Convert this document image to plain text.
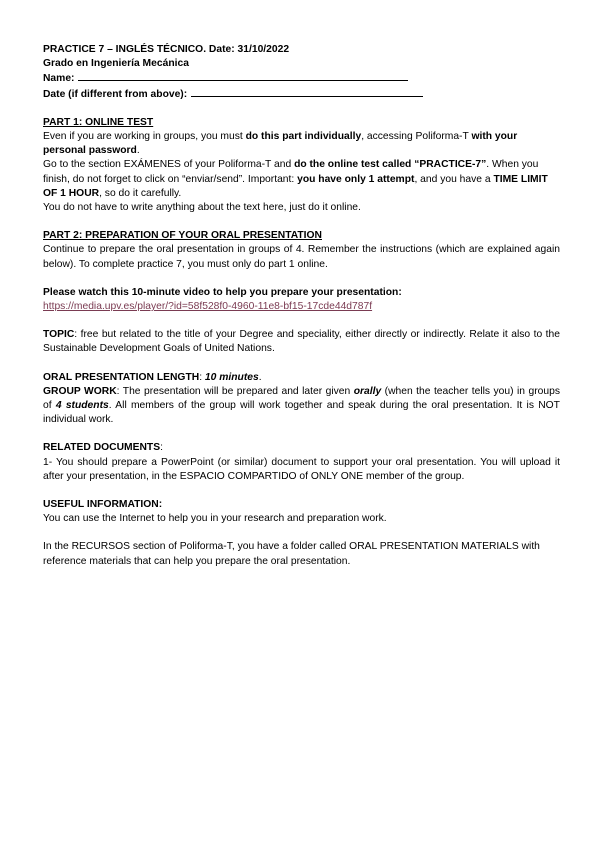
PRACTICE 7 – INGLÉS TÉCNICO. Date: 31/10/2022

Grado en Ingeniería Mecánica

Name:

Date (if different from above):

PART 1: ONLINE TEST

Even if you are working in groups, you must do this part individually, accessing Poliforma-T with your personal password.

Go to the section EXÁMENES of your Poliforma-T and do the online test called “PRACTICE-7”. When you finish, do not forget to click on “enviar/send”. Important: you have only 1 attempt, and you have a TIME LIMIT OF 1 HOUR, so do it carefully.

You do not have to write anything about the text here, just do it online.

PART 2: PREPARATION OF YOUR ORAL PRESENTATION

Continue to prepare the oral presentation in groups of 4. Remember the instructions (which are explained again below). To complete practice 7, you must only do part 1 online.

Please watch this 10-minute video to help you prepare your presentation:

https://media.upv.es/player/?id=58f528f0-4960-11e8-bf15-17cde44d787f

TOPIC: free but related to the title of your Degree and speciality, either directly or indirectly. Relate it also to the Sustainable Development Goals of United Nations.

ORAL PRESENTATION LENGTH: 10 minutes.

GROUP WORK: The presentation will be prepared and later given orally (when the teacher tells you) in groups of 4 students. All members of the group will work together and speak during the oral presentation. It is NOT individual work.

RELATED DOCUMENTS:

1- You should prepare a PowerPoint (or similar) document to support your oral presentation. You will upload it after your presentation, in the ESPACIO COMPARTIDO of ONLY ONE member of the group.

USEFUL INFORMATION:

You can use the Internet to help you in your research and preparation work.

In the RECURSOS section of Poliforma-T, you have a folder called ORAL PRESENTATION MATERIALS with reference materials that can help you prepare the oral presentation.
